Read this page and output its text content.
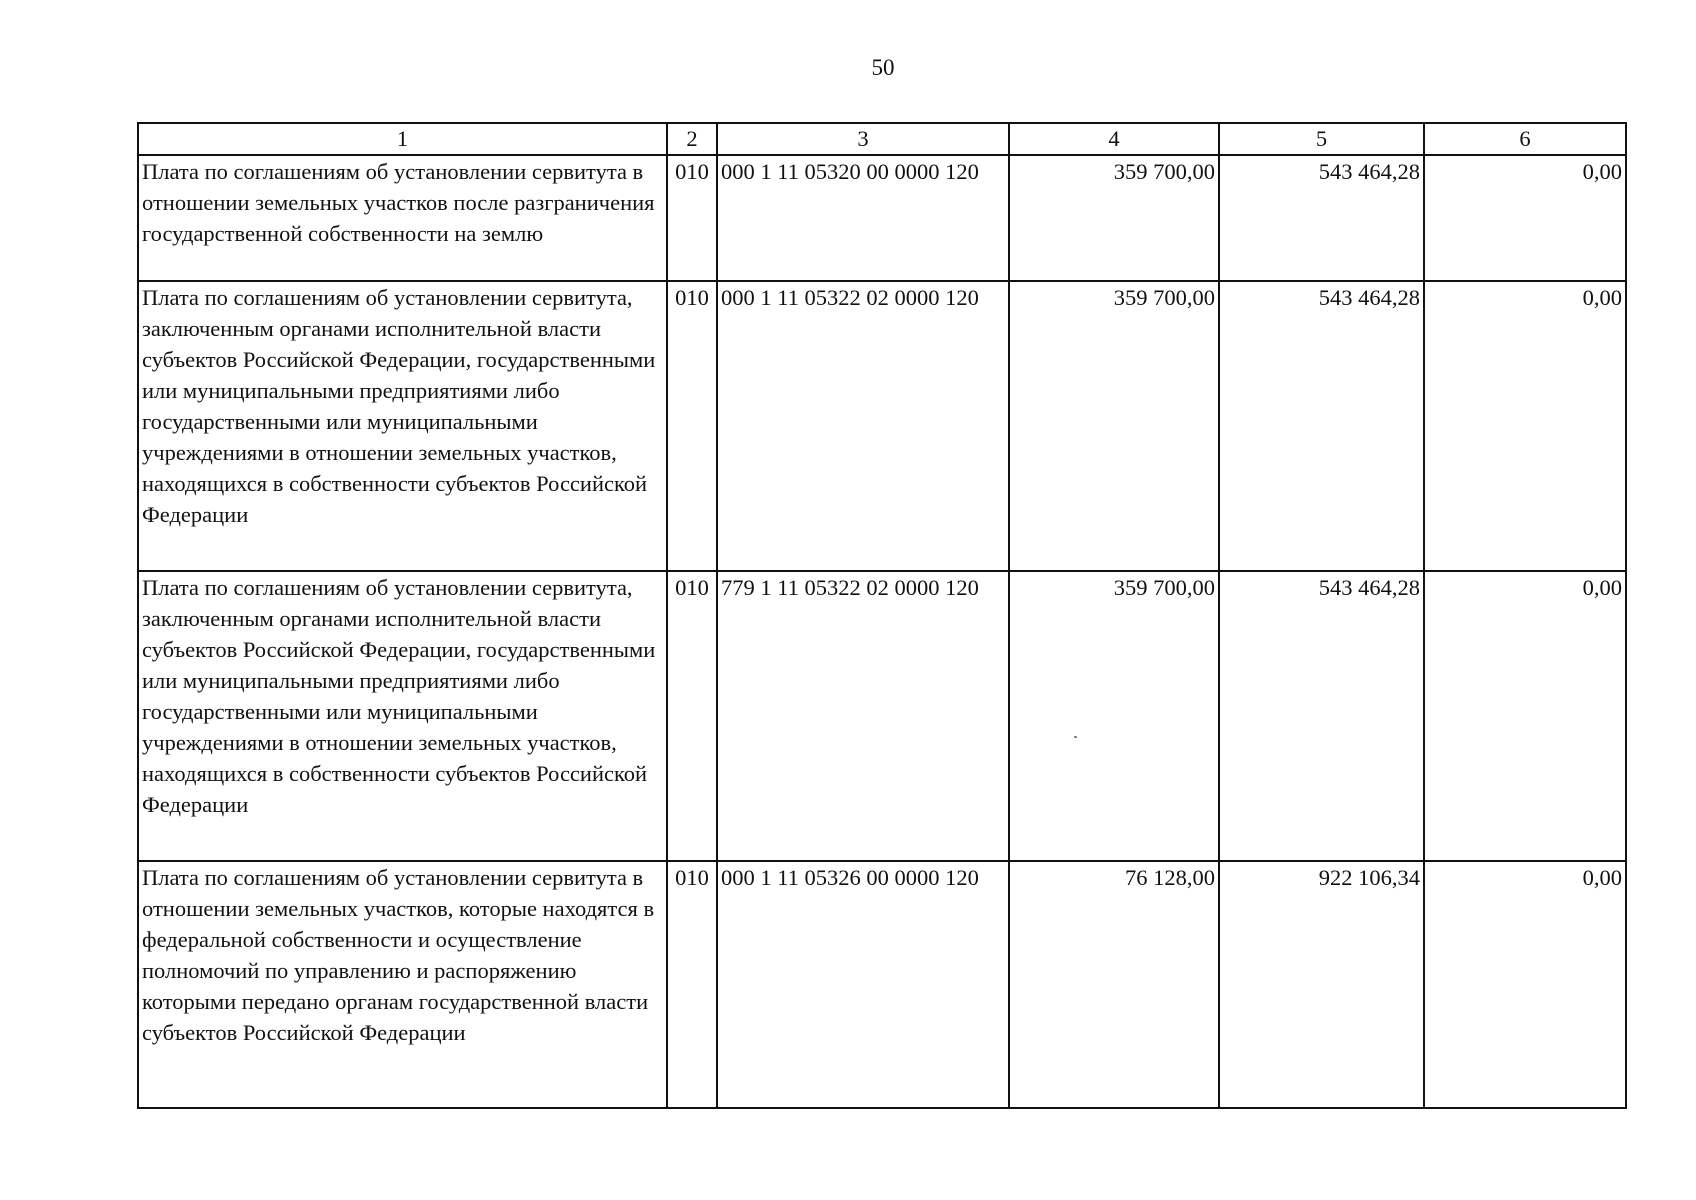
50
1	2	3	4	5	6
Плата по соглашениям об установлении сервитута в отношении земельных участков после разграничения государственной собственности на землю	010	000 1 11 05320 00 0000 120	359 700,00	543 464,28	0,00
Плата по соглашениям об установлении сервитута, заключенным органами исполнительной власти субъектов Российской Федерации, государственными или муниципальными предприятиями либо государственными или муниципальными учреждениями в отношении земельных участков, находящихся в собственности субъектов Российской Федерации	010	000 1 11 05322 02 0000 120	359 700,00	543 464,28	0,00
Плата по соглашениям об установлении сервитута, заключенным органами исполнительной власти субъектов Российской Федерации, государственными или муниципальными предприятиями либо государственными или муниципальными учреждениями в отношении земельных участков, находящихся в собственности субъектов Российской Федерации	010	779 1 11 05322 02 0000 120	359 700,00	543 464,28	0,00
Плата по соглашениям об установлении сервитута в отношении земельных участков, которые находятся в федеральной собственности и осуществление полномочий по управлению и распоряжению которыми передано органам государственной власти субъектов Российской Федерации	010	000 1 11 05326 00 0000 120	76 128,00	922 106,34	0,00
